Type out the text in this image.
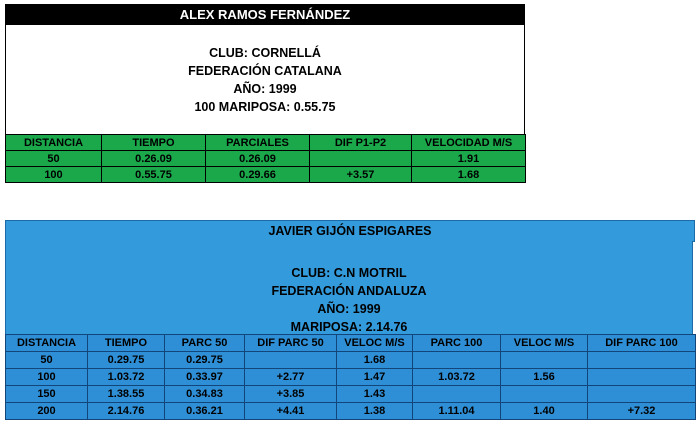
ALEX RAMOS FERNÁNDEZ
CLUB: CORNELLÁ
FEDERACIÓN CATALANA
AÑO: 1999
100 MARIPOSA: 0.55.75
DISTANCIA	TIEMPO	PARCIALES	DIF P1-P2	VELOCIDAD M/S
50	0.26.09	0.26.09		1.91
100	0.55.75	0.29.66	+3.57	1.68
JAVIER GIJÓN ESPIGARES
CLUB: C.N MOTRIL
FEDERACIÓN ANDALUZA
AÑO: 1999
MARIPOSA: 2.14.76
DISTANCIA	TIEMPO	PARC 50	DIF PARC 50	VELOC M/S	PARC 100	VELOC M/S	DIF PARC 100
50	0.29.75	0.29.75		1.68			
100	1.03.72	0.33.97	+2.77	1.47	1.03.72	1.56	
150	1.38.55	0.34.83	+3.85	1.43			
200	2.14.76	0.36.21	+4.41	1.38	1.11.04	1.40	+7.32
